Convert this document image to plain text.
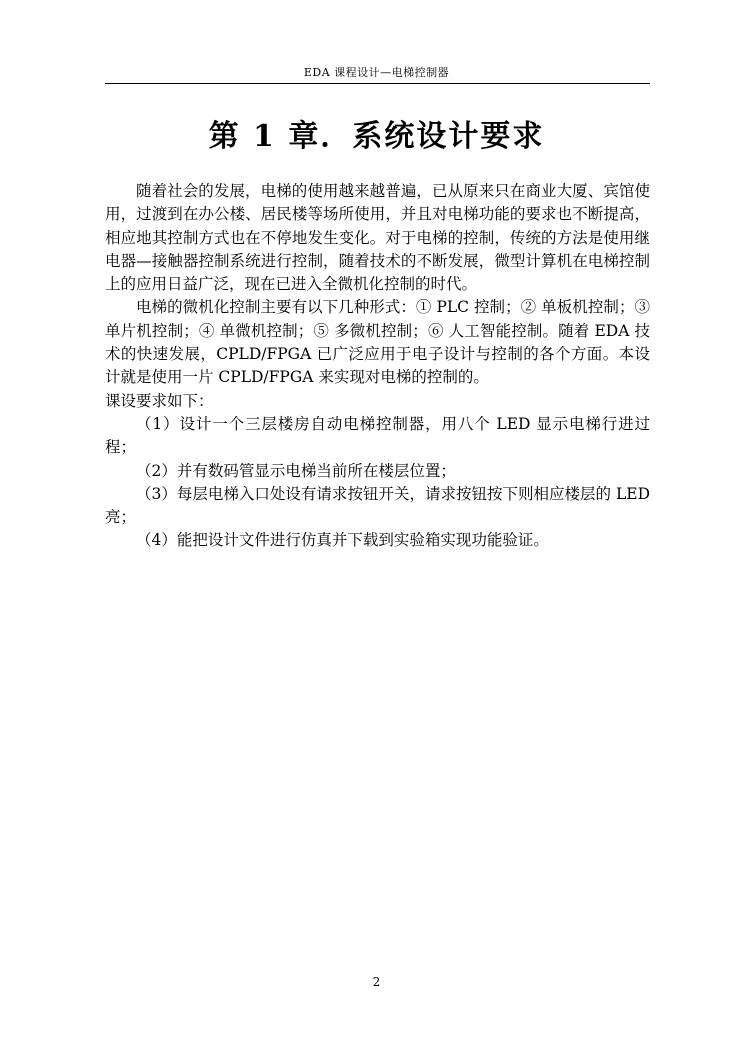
EDA 课程设计—电梯控制器
第 1 章．系统设计要求

随着社会的发展，电梯的使用越来越普遍，已从原来只在商业大厦、宾馆使用，过渡到在办公楼、居民楼等场所使用，并且对电梯功能的要求也不断提高，相应地其控制方式也在不停地发生变化。对于电梯的控制，传统的方法是使用继电器—接触器控制系统进行控制，随着技术的不断发展，微型计算机在电梯控制上的应用日益广泛，现在已进入全微机化控制的时代。

电梯的微机化控制主要有以下几种形式：① PLC 控制；② 单板机控制；③ 单片机控制；④ 单微机控制；⑤ 多微机控制；⑥ 人工智能控制。随着 EDA 技术的快速发展，CPLD/FPGA 已广泛应用于电子设计与控制的各个方面。本设计就是使用一片 CPLD/FPGA 来实现对电梯的控制的。

课设要求如下：

（1）设计一个三层楼房自动电梯控制器，用八个 LED 显示电梯行进过程；

（2）并有数码管显示电梯当前所在楼层位置；

（3）每层电梯入口处设有请求按钮开关，请求按钮按下则相应楼层的 LED 亮；

（4）能把设计文件进行仿真并下载到实验箱实现功能验证。

2
